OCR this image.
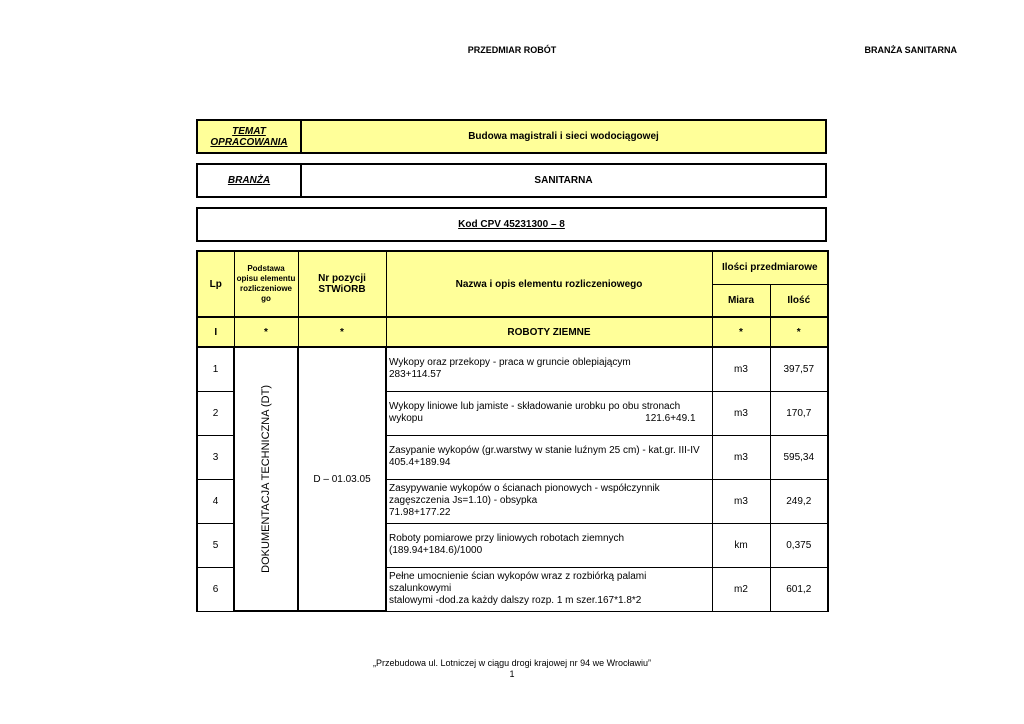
PRZEDMIAR ROBÓT	BRANŻA SANITARNA
TEMAT OPRACOWANIA	Budowa magistrali i sieci wodociągowej
BRANŻA	SANITARNA
Kod CPV 45231300 – 8
Lp	Podstawa opisu elementu rozliczeniowe go	Nr pozycji STWiORB	Nazwa i opis elementu rozliczeniowego	Ilości przedmiarowe	
				Miara	Ilość
I	*	*	ROBOTY ZIEMNE	*	*
1	DOKUMENTACJA TECHNICZNA (DT)	D – 01.03.05	Wykopy oraz przekopy - praca w gruncie oblepiającym
283+114.57	m3	397,57
2			Wykopy liniowe lub jamiste - składowanie urobku po obu stronach
wykopu 121.6+49.1	m3	170,7
3			Zasypanie wykopów (gr.warstwy w stanie luźnym 25 cm) - kat.gr. III-IV
405.4+189.94	m3	595,34
4			Zasypywanie wykopów o ścianach pionowych - współczynnik
zagęszczenia Js=1.10) - obsypka
71.98+177.22	m3	249,2
5			Roboty pomiarowe przy liniowych robotach ziemnych
(189.94+184.6)/1000	km	0,375
6			Pełne umocnienie ścian wykopów wraz z rozbiórką palami szalunkowymi
stalowymi -dod.za każdy dalszy rozp. 1 m szer.167*1.8*2	m2	601,2
„Przebudowa ul. Lotniczej w ciągu drogi krajowej nr 94 we Wrocławiu”
1
